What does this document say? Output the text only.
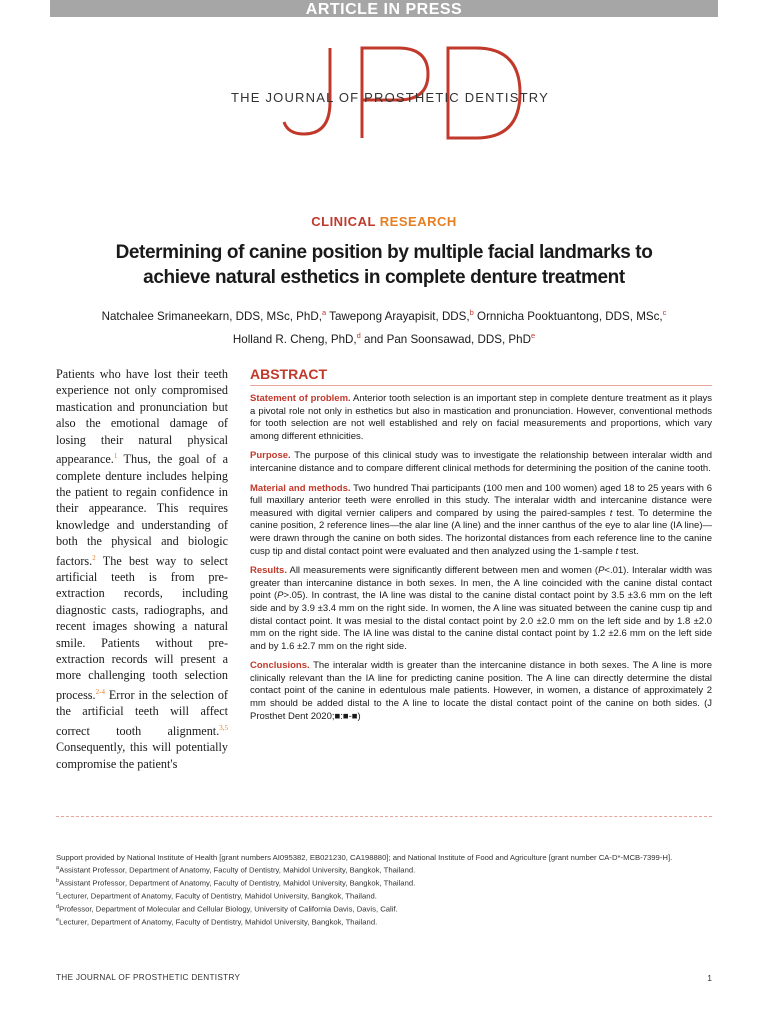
ARTICLE IN PRESS
THE JOURNAL OF PROSTHETIC DENTISTRY
CLINICAL RESEARCH
Determining of canine position by multiple facial landmarks to
achieve natural esthetics in complete denture treatment
Natchalee Srimaneekarn, DDS, MSc, PhD,$^a$ Tawepong Arayapisit, DDS,$^b$ Ornnicha Pooktuantong, DDS, MSc,$^c$
Holland R. Cheng, PhD,$^d$ and Pan Soonsawad, DDS, PhD$^e$

Patients who have lost their teeth experience not only compromised mastication and pronunciation but also the emotional damage of losing their natural physical appearance.$^1$ Thus, the goal of a complete denture includes helping the patient to regain confidence in their appearance. This requires knowledge and understanding of both the physical and biologic factors.$^2$ The best way to select artificial teeth is from pre-extraction records, including diagnostic casts, radiographs, and recent images showing a natural smile. Patients without pre-extraction records will present a more challenging tooth selection process.$^{2-4}$ Error in the selection of the artificial teeth will affect correct tooth alignment.$^{3,5}$ Consequently, this will potentially compromise the patient's

ABSTRACT

Statement of problem. Anterior tooth selection is an important step in complete denture treatment as it plays a pivotal role not only in esthetics but also in mastication and pronunciation. However, conventional methods for tooth selection are not well established and rely on facial measurements and proportions, which vary among different ethnicities.

Purpose. The purpose of this clinical study was to investigate the relationship between interalar width and intercanine distance and to compare different clinical methods for determining the position of the canine tooth.

Material and methods. Two hundred Thai participants (100 men and 100 women) aged 18 to 25 years with 6 full maxillary anterior teeth were enrolled in this study. The interalar width and intercanine distance were measured with digital vernier calipers and compared by using the paired-samples t test. To determine the canine position, 2 reference lines—the alar line (A line) and the inner canthus of the eye to alar line (IA line)—were drawn through the canine on both sides. The horizontal distances from each reference line to the canine cusp tip and distal contact point were evaluated and then analyzed using the 1-sample t test.

Results. All measurements were significantly different between men and women (P<.01). Interalar width was greater than intercanine distance in both sexes. In men, the A line coincided with the canine distal contact point (P>.05). In contrast, the IA line was distal to the canine distal contact point by 3.5 ±3.6 mm on the left side and by 3.9 ±3.4 mm on the right side. In women, the A line was situated between the canine cusp tip and distal contact point. It was mesial to the distal contact point by 2.0 ±2.0 mm on the left side and by 1.8 ±2.0 mm on the right side. The IA line was distal to the canine distal contact point by 1.2 ±2.6 mm on the left side and by 1.6 ±2.7 mm on the right side.

Conclusions. The interalar width is greater than the intercanine distance in both sexes. The A line is more clinically relevant than the IA line for predicting canine position. The A line can directly determine the distal contact point of the canine in edentulous male patients. However, in women, a distance of approximately 2 mm should be added distal to the A line to locate the distal contact point of the canine on both sides. (J Prosthet Dent 2020;■:■-■)

Support provided by National Institute of Health [grant numbers AI095382, EB021230, CA198880]; and National Institute of Food and Agriculture [grant number CA-D*-MCB-7399-H].

$^a$Assistant Professor, Department of Anatomy, Faculty of Dentistry, Mahidol University, Bangkok, Thailand.

$^b$Assistant Professor, Department of Anatomy, Faculty of Dentistry, Mahidol University, Bangkok, Thailand.

$^c$Lecturer, Department of Anatomy, Faculty of Dentistry, Mahidol University, Bangkok, Thailand.

$^d$Professor, Department of Molecular and Cellular Biology, University of California Davis, Davis, Calif.

$^e$Lecturer, Department of Anatomy, Faculty of Dentistry, Mahidol University, Bangkok, Thailand.

THE JOURNAL OF PROSTHETIC DENTISTRY	1
